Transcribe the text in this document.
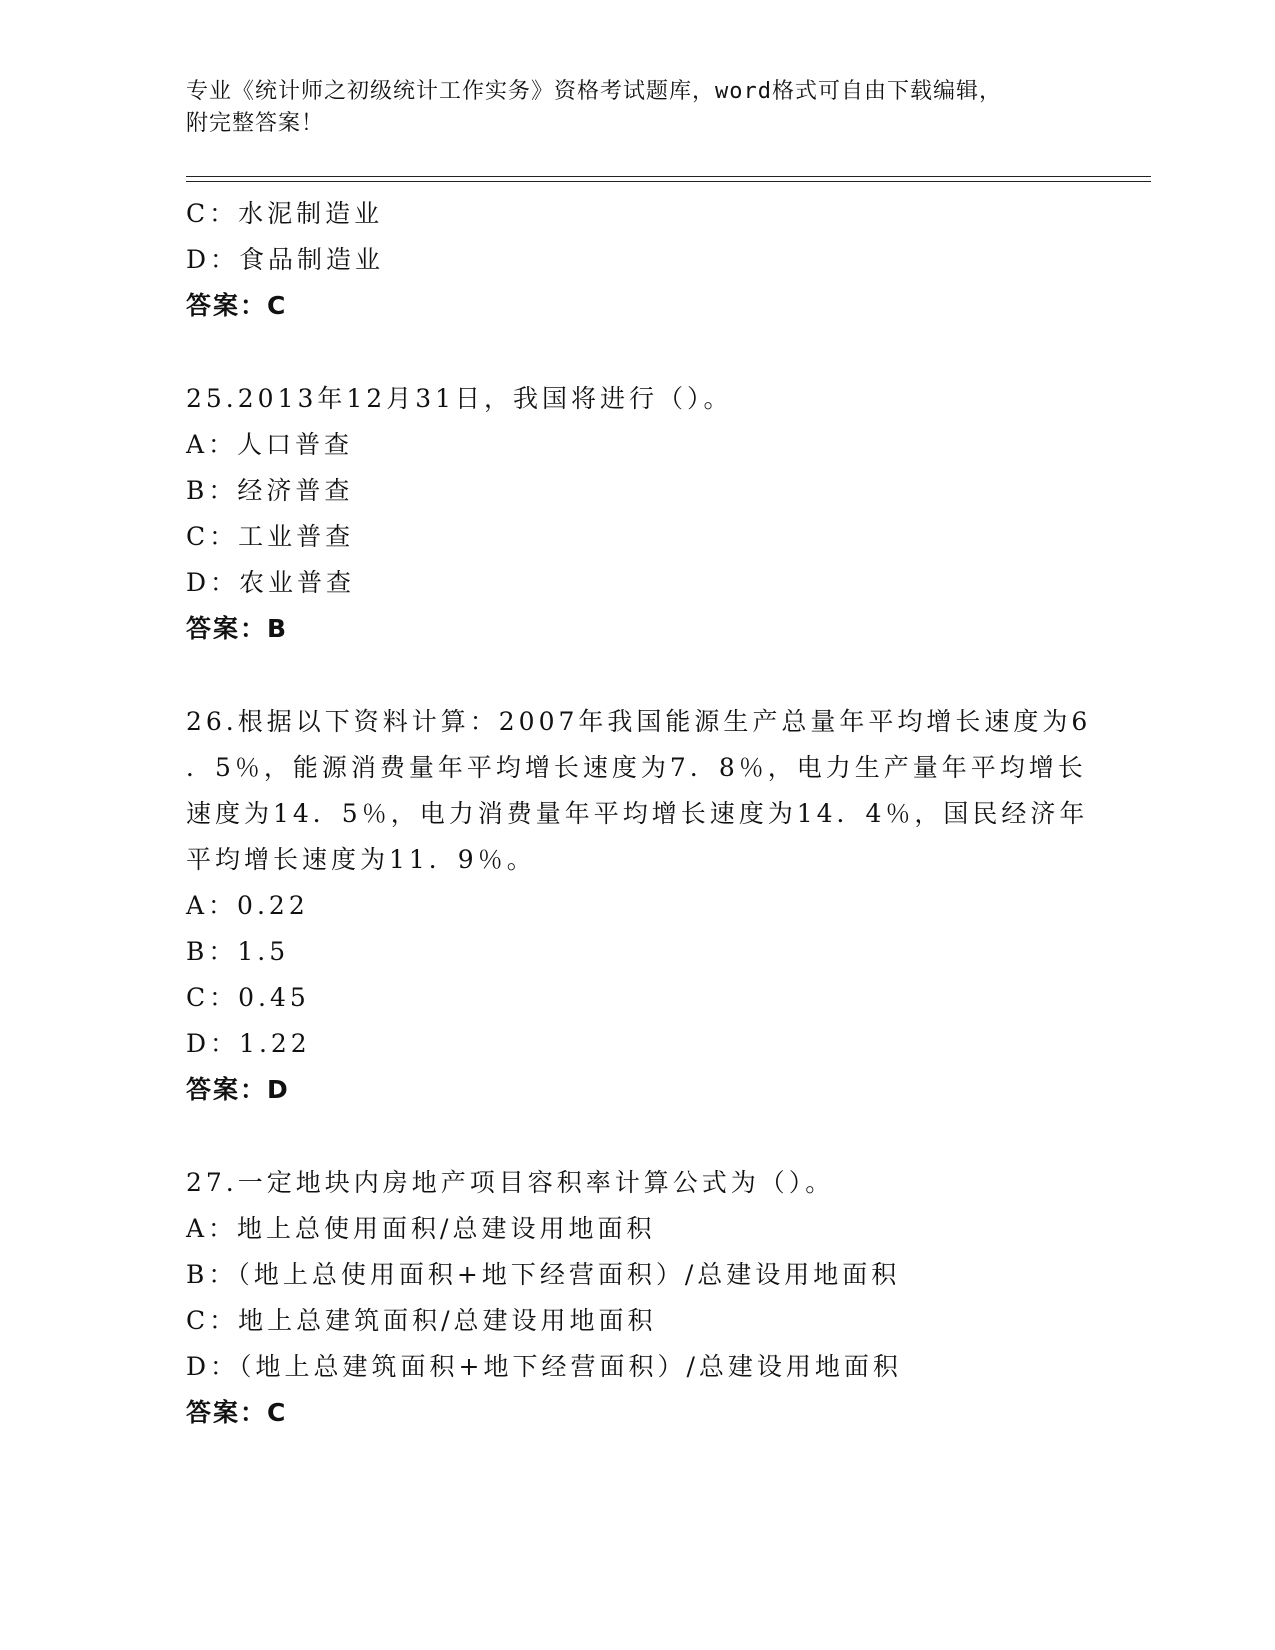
专业《统计师之初级统计工作实务》资格考试题库，word格式可自由下载编辑，
附完整答案！
C：水泥制造业
D：食品制造业
答案：C
25.2013年12月31日，我国将进行（）。
A：人口普查
B：经济普查
C：工业普查
D：农业普查
答案：B
26.根据以下资料计算：2007年我国能源生产总量年平均增长速度为6
．5％，能源消费量年平均增长速度为7．8％，电力生产量年平均增长
速度为14．5％，电力消费量年平均增长速度为14．4％，国民经济年
平均增长速度为11．9％。
A：0.22
B：1.5
C：0.45
D：1.22
答案：D
27.一定地块内房地产项目容积率计算公式为（）。
A：地上总使用面积/总建设用地面积
B：（地上总使用面积+地下经营面积）/总建设用地面积
C：地上总建筑面积/总建设用地面积
D：（地上总建筑面积+地下经营面积）/总建设用地面积
答案：C
